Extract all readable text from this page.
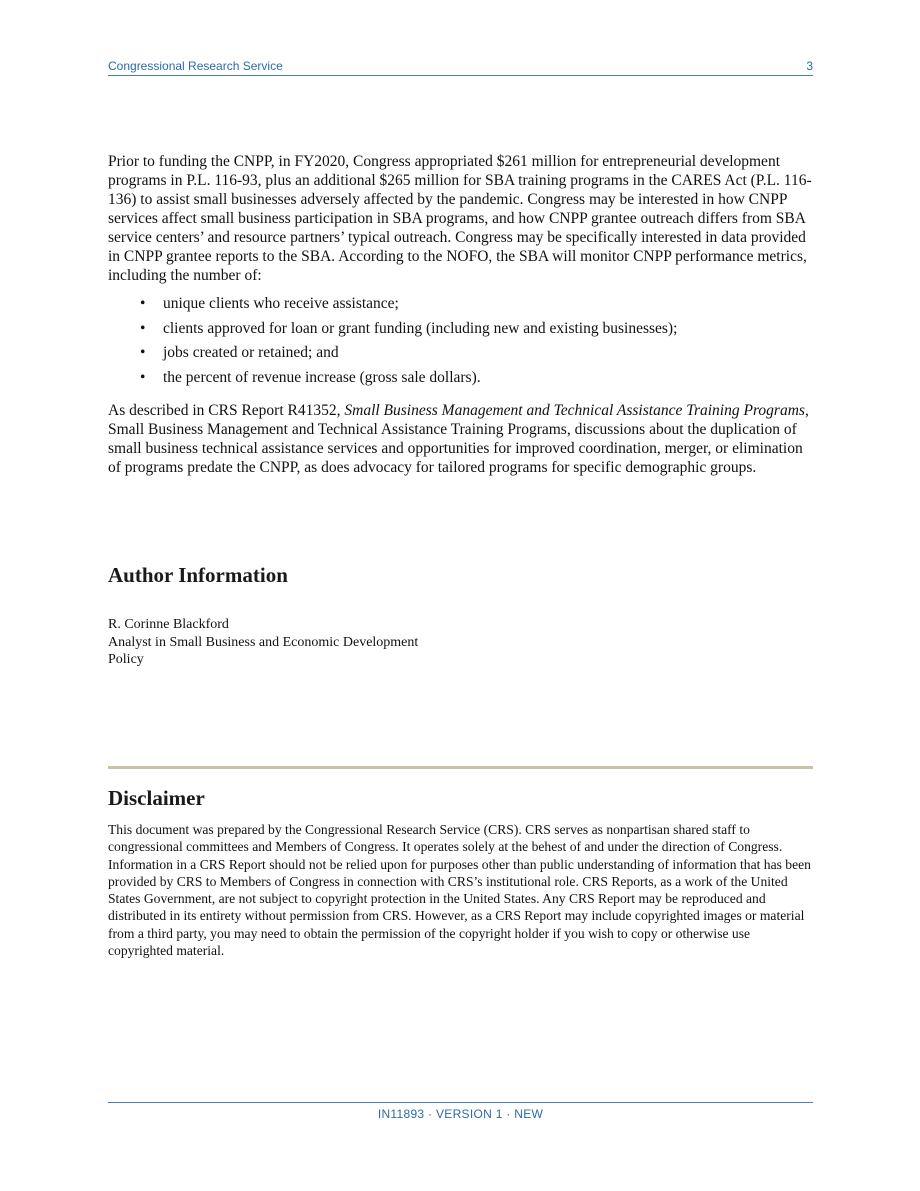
Congressional Research Service	3
Prior to funding the CNPP, in FY2020, Congress appropriated $261 million for entrepreneurial development programs in P.L. 116-93, plus an additional $265 million for SBA training programs in the CARES Act (P.L. 116-136) to assist small businesses adversely affected by the pandemic. Congress may be interested in how CNPP services affect small business participation in SBA programs, and how CNPP grantee outreach differs from SBA service centers’ and resource partners’ typical outreach. Congress may be specifically interested in data provided in CNPP grantee reports to the SBA. According to the NOFO, the SBA will monitor CNPP performance metrics, including the number of:
• unique clients who receive assistance;
• clients approved for loan or grant funding (including new and existing businesses);
• jobs created or retained; and
• the percent of revenue increase (gross sale dollars).
As described in CRS Report R41352, Small Business Management and Technical Assistance Training Programs, Small Business Management and Technical Assistance Training Programs, discussions about the duplication of small business technical assistance services and opportunities for improved coordination, merger, or elimination of programs predate the CNPP, as does advocacy for tailored programs for specific demographic groups.
Author Information
R. Corinne Blackford
Analyst in Small Business and Economic Development
Policy
Disclaimer
This document was prepared by the Congressional Research Service (CRS). CRS serves as nonpartisan shared staff to congressional committees and Members of Congress. It operates solely at the behest of and under the direction of Congress. Information in a CRS Report should not be relied upon for purposes other than public understanding of information that has been provided by CRS to Members of Congress in connection with CRS’s institutional role. CRS Reports, as a work of the United States Government, are not subject to copyright protection in the United States. Any CRS Report may be reproduced and distributed in its entirety without permission from CRS. However, as a CRS Report may include copyrighted images or material from a third party, you may need to obtain the permission of the copyright holder if you wish to copy or otherwise use copyrighted material.
IN11893 · VERSION 1 · NEW
